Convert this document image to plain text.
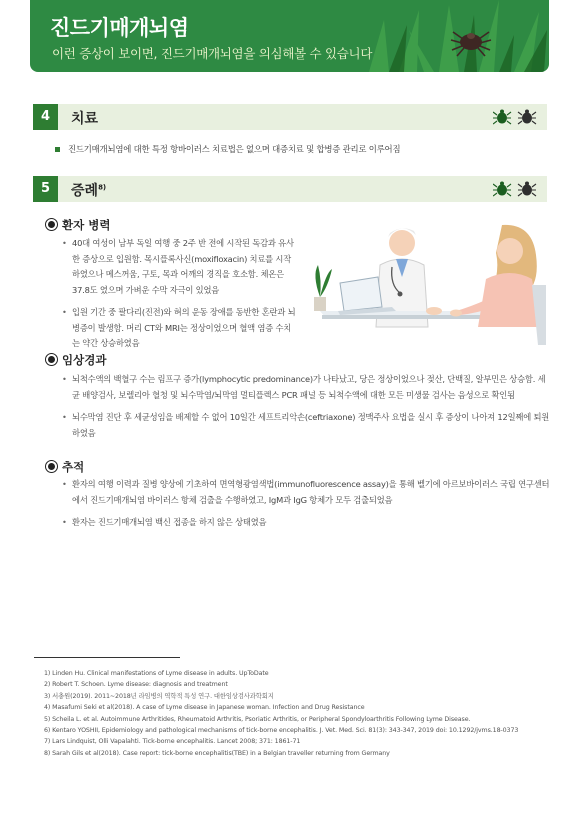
진드기매개뇌염
이런 증상이 보이면, 진드기매개뇌염을 의심해볼 수 있습니다
4	치료
진드기매개뇌염에 대한 특정 항바이러스 치료법은 없으며 대증치료 및 합병증 관리로 이루어짐
5	증례$^{8)}$
환자 병력
• 40대 여성이 남부 독일 여행 중 2주 반 전에 시작된 독감과 유사한 증상으로 입원함. 목시플록사신(moxifloxacin) 치료를 시작하였으나 메스꺼움, 구토, 목과 어깨의 경직을 호소함. 체온은 37.8도 였으며 가벼운 수막 자극이 있었음
• 입원 기간 중 팔다리(진전)와 혀의 운동 장애를 동반한 혼란과 뇌병증이 발생함. 머리 CT와 MRI는 정상이었으며 혈액 염증 수치는 약간 상승하였음
임상경과
• 뇌척수액의 백혈구 수는 림프구 증가(lymphocytic predominance)가 나타났고, 당은 정상이었으나 젖산, 단백질, 알부민은 상승함. 세균 배양검사, 보렐리아 혈청 및 뇌수막염/뇌막염 멀티플렉스 PCR 패널 등 뇌척수액에 대한 모든 미생물 검사는 음성으로 확인됨
• 뇌수막염 진단 후 세균성임을 배제할 수 없어 10일간 세프트리악손(ceftriaxone) 정맥주사 요법을 실시 후 증상이 나아져 12일째에 퇴원하였음
추적
• 환자의 여행 이력과 질병 양상에 기초하여 면역형광염색법(immunofluorescence assay)을 통해 벨기에 아르보바이러스 국립 연구센터에서 진드기매개뇌염 바이러스 항체 검출을 수행하였고, IgM과 IgG 항체가 모두 검출되었음
• 환자는 진드기매개뇌염 백신 접종을 하지 않은 상태였음
1) Linden Hu. Clinical manifestations of Lyme disease in adults. UpToDate
2) Robert T. Schoen. Lyme disease: diagnosis and treatment
3) 서충원(2019). 2011~2018년 라임병의 역학적 특성 연구. 대한임상검사과학회지
4) Masafumi Seki et al(2018). A case of Lyme disease in Japanese woman. Infection and Drug Resistance
5) Scheila L. et al. Autoimmune Arthritides, Rheumatoid Arthritis, Psoriatic Arthritis, or Peripheral Spondyloarthritis Following Lyme Disease.
6) Kentaro YOSHII, Epidemiology and pathological mechanisms of tick-borne encephalitis. J. Vet. Med. Sci. 81(3): 343-347, 2019 doi: 10.1292/jvms.18-0373
7) Lars Lindquist, Olli Vapalahti. Tick-borne encephalitis. Lancet 2008; 371: 1861-71
8) Sarah Gils et al(2018). Case report: tick-borne encephalitis(TBE) in a Belgian traveller returning from Germany
